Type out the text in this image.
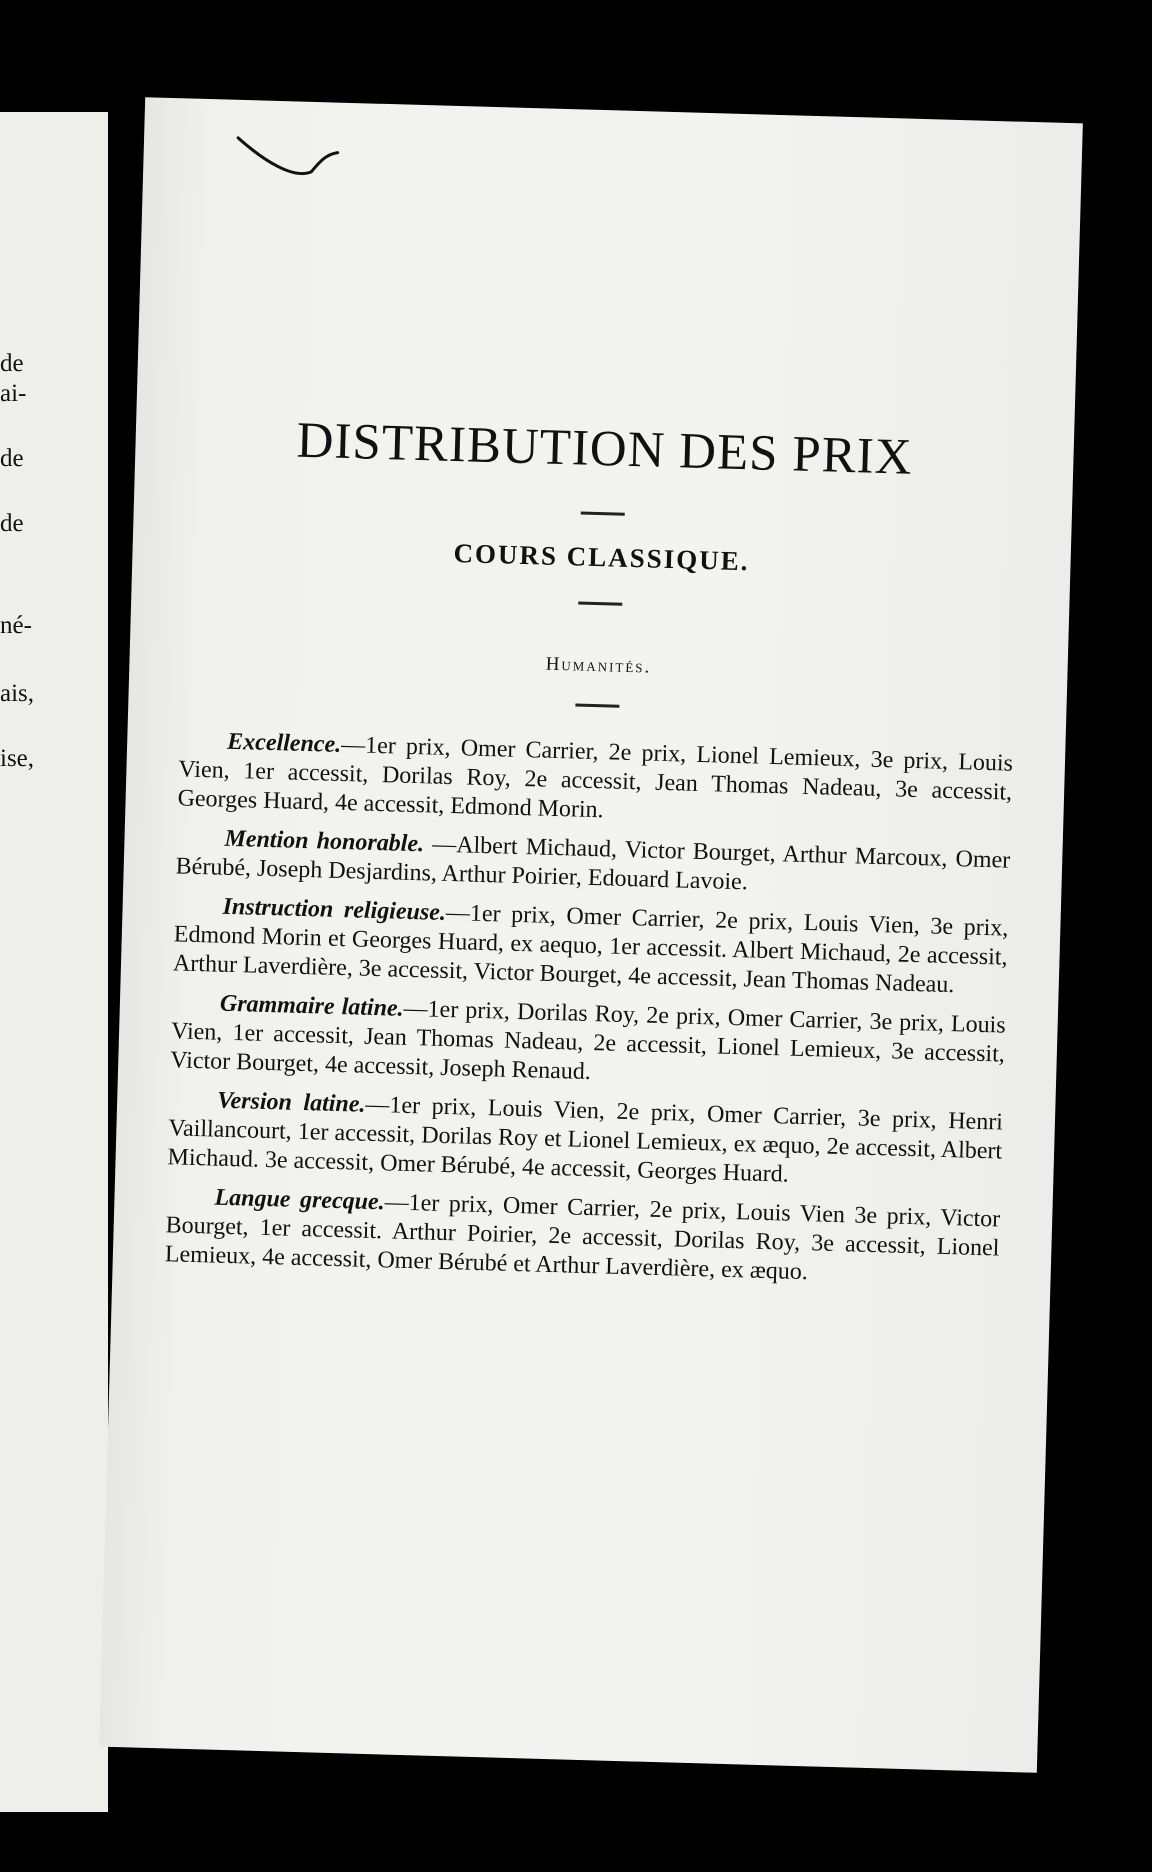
de
ai-
de
de
né-
ais,
ise,
DISTRIBUTION DES PRIX
COURS CLASSIQUE.
Humanités.

Excellence.—1er prix, Omer Carrier, 2e prix, Lionel Lemieux, 3e prix, Louis Vien, 1er accessit, Dorilas Roy, 2e accessit, Jean Thomas Nadeau, 3e accessit, Georges Huard, 4e accessit, Edmond Morin.

Mention honorable. —Albert Michaud, Victor Bourget, Arthur Marcoux, Omer Bérubé, Joseph Desjardins, Arthur Poirier, Edouard Lavoie.

Instruction religieuse.—1er prix, Omer Carrier, 2e prix, Louis Vien, 3e prix, Edmond Morin et Georges Huard, ex aequo, 1er accessit. Albert Michaud, 2e accessit, Arthur Laverdière, 3e accessit, Victor Bourget, 4e accessit, Jean Thomas Nadeau.

Grammaire latine.—1er prix, Dorilas Roy, 2e prix, Omer Carrier, 3e prix, Louis Vien, 1er accessit, Jean Thomas Nadeau, 2e accessit, Lionel Lemieux, 3e accessit, Victor Bourget, 4e accessit, Joseph Renaud.

Version latine.—1er prix, Louis Vien, 2e prix, Omer Carrier, 3e prix, Henri Vaillancourt, 1er accessit, Dorilas Roy et Lionel Lemieux, ex æquo, 2e accessit, Albert Michaud. 3e accessit, Omer Bérubé, 4e accessit, Georges Huard.

Langue grecque.—1er prix, Omer Carrier, 2e prix, Louis Vien 3e prix, Victor Bourget, 1er accessit. Arthur Poirier, 2e accessit, Dorilas Roy, 3e accessit, Lionel Lemieux, 4e accessit, Omer Bérubé et Arthur Laverdière, ex æquo.
